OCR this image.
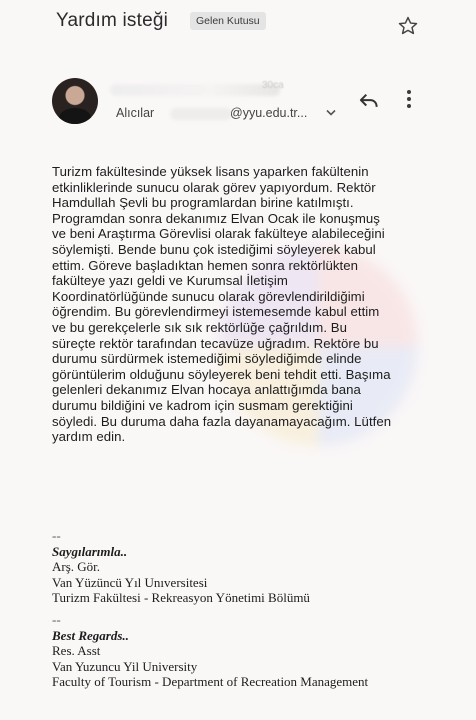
Yardım isteği	Gelen Kutusu
30ca
Alıcılar	@yyu.edu.tr...

Turizm fakültesinde yüksek lisans yaparken fakültenin etkinliklerinde sunucu olarak görev yapıyordum. Rektör Hamdullah Şevli bu programlardan birine katılmıştı. Programdan sonra dekanımız Elvan Ocak ile konuşmuş ve beni Araştırma Görevlisi olarak fakülteye alabileceğini söylemişti. Bende bunu çok istediğimi söyleyerek kabul ettim. Göreve başladıktan hemen sonra rektörlükten fakülteye yazı geldi ve Kurumsal İletişim Koordinatörlüğünde sunucu olarak görevlendirildiğimi öğrendim. Bu görevlendirmeyi istemesemde kabul ettim ve bu gerekçelerle sık sık rektörlüğe çağrıldım. Bu süreçte rektör tarafından tecavüze uğradım. Rektöre bu durumu sürdürmek istemediğimi söylediğimde elinde görüntülerim olduğunu söyleyerek beni tehdit etti. Başıma gelenleri dekanımız Elvan hocaya anlattığımda bana durumu bildiğini ve kadrom için susmam gerektiğini söyledi. Bu duruma daha fazla dayanamayacağım. Lütfen yardım edin.

--
Saygılarımla..
Arş. Gör.
Van Yüzüncü Yıl Unıversitesi
Turizm Fakültesi - Rekreasyon Yönetimi Bölümü
--
Best Regards..
Res. Asst
Van Yuzuncu Yil University
Faculty of Tourism - Department of Recreation Management
